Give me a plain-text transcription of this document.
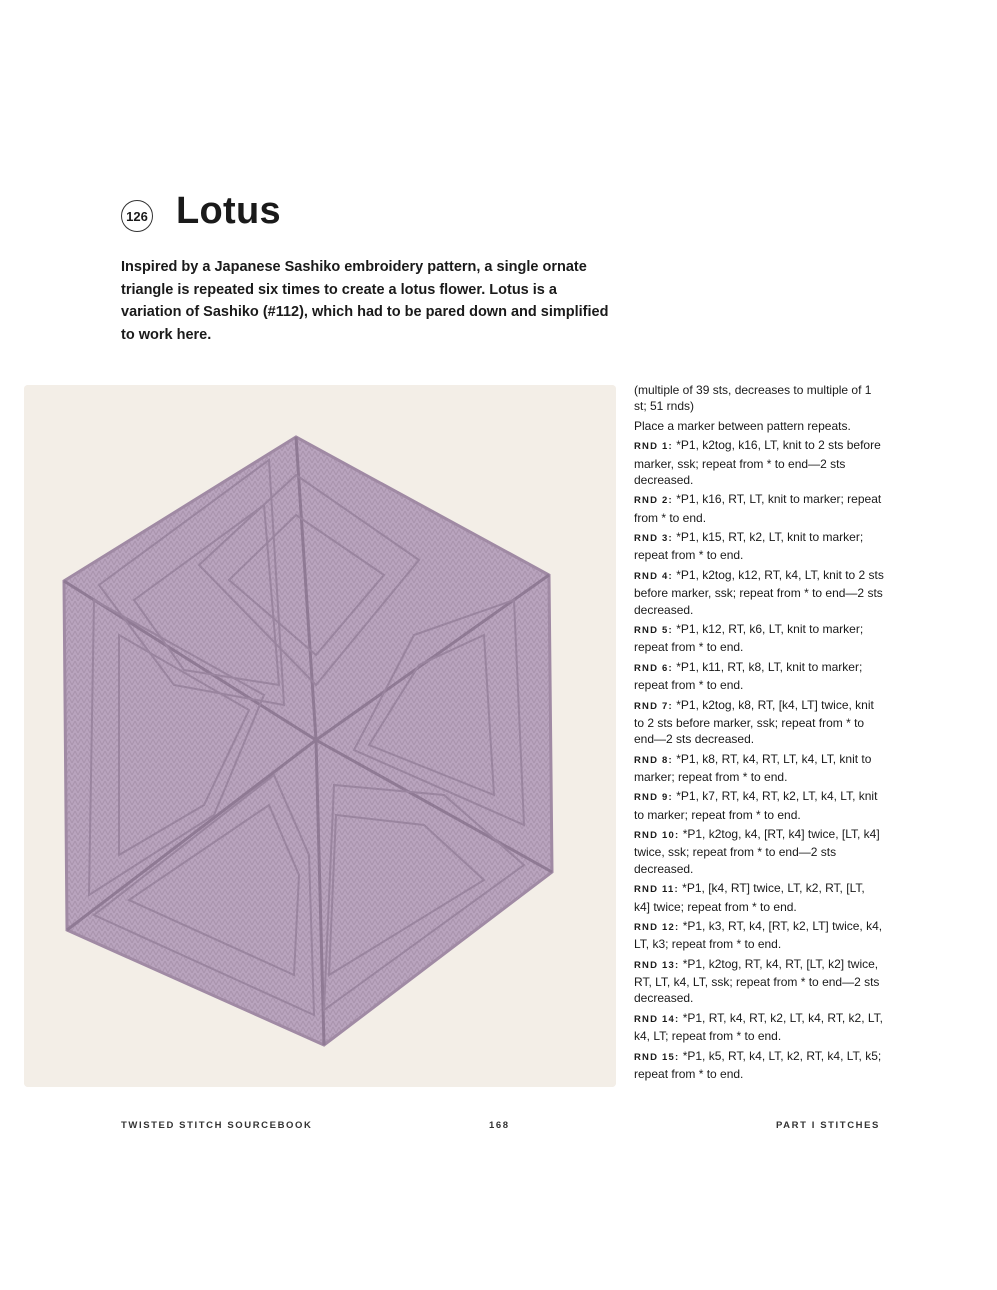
126 Lotus

Inspired by a Japanese Sashiko embroidery pattern, a single ornate triangle is repeated six times to create a lotus flower. Lotus is a variation of Sashiko (#112), which had to be pared down and simplified to work here.

(multiple of 39 sts, decreases to multiple of 1 st; 51 rnds)

Place a marker between pattern repeats.

RND 1: *P1, k2tog, k16, LT, knit to 2 sts before marker, ssk; repeat from * to end—2 sts decreased.

RND 2: *P1, k16, RT, LT, knit to marker; repeat from * to end.

RND 3: *P1, k15, RT, k2, LT, knit to marker; repeat from * to end.

RND 4: *P1, k2tog, k12, RT, k4, LT, knit to 2 sts before marker, ssk; repeat from * to end—2 sts decreased.

RND 5: *P1, k12, RT, k6, LT, knit to marker; repeat from * to end.

RND 6: *P1, k11, RT, k8, LT, knit to marker; repeat from * to end.

RND 7: *P1, k2tog, k8, RT, [k4, LT] twice, knit to 2 sts before marker, ssk; repeat from * to end—2 sts decreased.

RND 8: *P1, k8, RT, k4, RT, LT, k4, LT, knit to marker; repeat from * to end.

RND 9: *P1, k7, RT, k4, RT, k2, LT, k4, LT, knit to marker; repeat from * to end.

RND 10: *P1, k2tog, k4, [RT, k4] twice, [LT, k4] twice, ssk; repeat from * to end—2 sts decreased.

RND 11: *P1, [k4, RT] twice, LT, k2, RT, [LT, k4] twice; repeat from * to end.

RND 12: *P1, k3, RT, k4, [RT, k2, LT] twice, k4, LT, k3; repeat from * to end.

RND 13: *P1, k2tog, RT, k4, RT, [LT, k2] twice, RT, LT, k4, LT, ssk; repeat from * to end—2 sts decreased.

RND 14: *P1, RT, k4, RT, k2, LT, k4, RT, k2, LT, k4, LT; repeat from * to end.

RND 15: *P1, k5, RT, k4, LT, k2, RT, k4, LT, k5; repeat from * to end.

TWISTED STITCH SOURCEBOOK	168	PART I STITCHES
